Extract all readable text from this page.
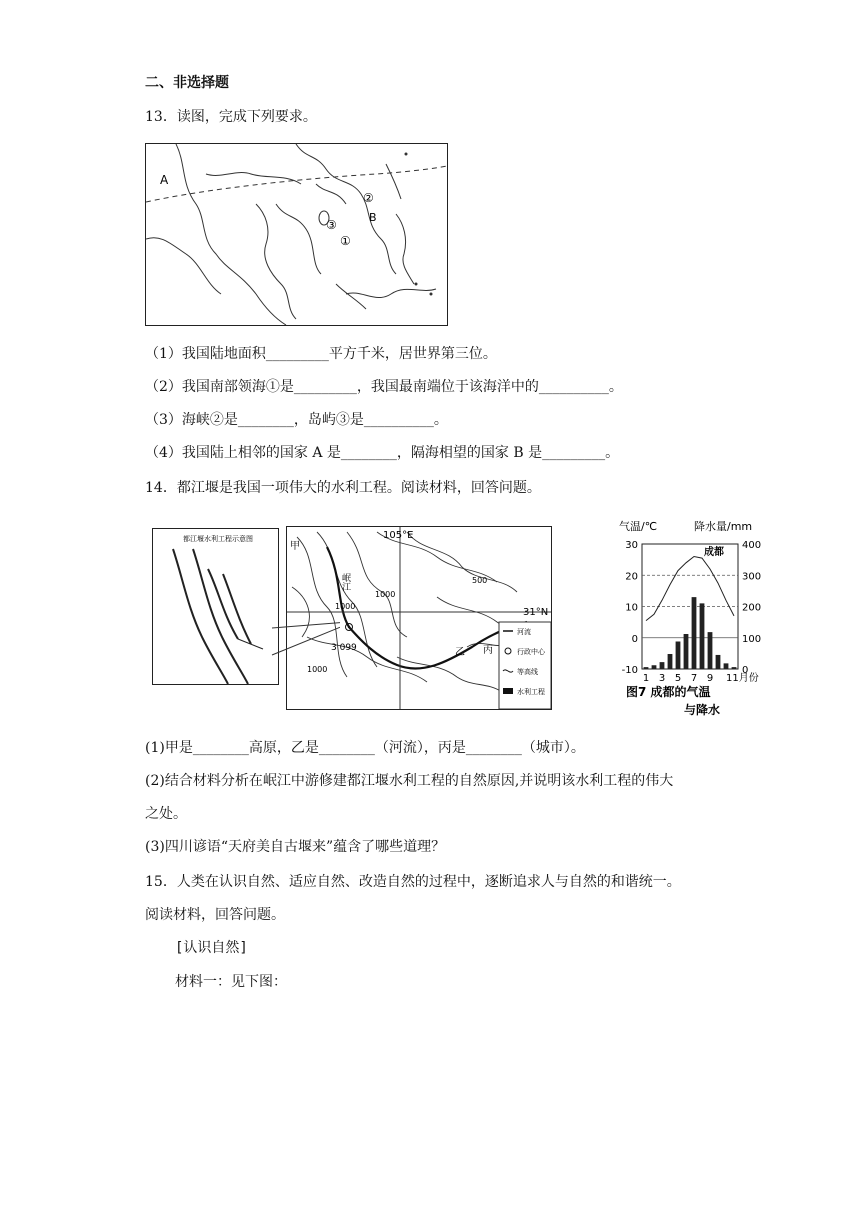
二、非选择题
13．读图，完成下列要求。
A
B
①
②
③
（1）我国陆地面积_________平方千米，居世界第三位。
（2）我国南部领海①是_________，我国最南端位于该海洋中的__________。
（3）海峡②是________，岛屿③是__________。
（4）我国陆上相邻的国家 A 是________，隔海相望的国家 B 是_________。
14．都江堰是我国一项伟大的水利工程。阅读材料，回答问题。
都江堰水利工程示意图	105°E
31°N
甲
乙 丙
岷江
1000
1000
500
1000
3 099
河流
行政中心
等高线
水利工程
气温/℃	降水量/mm
成都
30
20
10
0
-10
400
300
200
100
0
1 3 5 7 9 11月份
图7 成都的气温
与降水
(1)甲是________高原，乙是________（河流），丙是________（城市）。
(2)结合材料分析在岷江中游修建都江堰水利工程的自然原因,并说明该水利工程的伟大
之处。
(3)四川谚语“天府美自古堰来”蕴含了哪些道理？
15．人类在认识自然、适应自然、改造自然的过程中，逐断追求人与自然的和谐统一。
阅读材料，回答问题。
[认识自然]
材料一：见下图：
